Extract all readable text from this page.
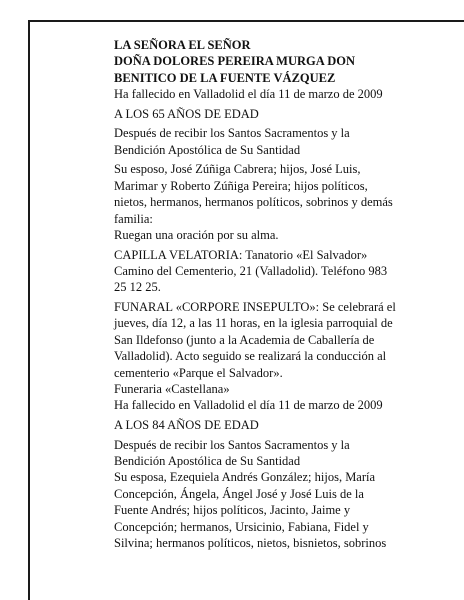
LA SEÑORA EL SEÑOR
DOÑA DOLORES PEREIRA MURGA DON
BENITICO DE LA FUENTE VÁZQUEZ
Ha fallecido en Valladolid el día 11 de marzo de 2009
A LOS 65 AÑOS DE EDAD
Después de recibir los Santos Sacramentos y la
Bendición Apostólica de Su Santidad
Su esposo, José Zúñiga Cabrera; hijos, José Luis,
Marimar y Roberto Zúñiga Pereira; hijos políticos,
nietos, hermanos, hermanos políticos, sobrinos y demás
familia:
Ruegan una oración por su alma.
CAPILLA VELATORIA: Tanatorio «El Salvador»
Camino del Cementerio, 21 (Valladolid). Teléfono 983
25 12 25.
FUNARAL «CORPORE INSEPULTO»: Se celebrará el
jueves, día 12, a las 11 horas, en la iglesia parroquial de
San Ildefonso (junto a la Academia de Caballería de
Valladolid). Acto seguido se realizará la conducción al
cementerio «Parque el Salvador».
Funeraria «Castellana»
Ha fallecido en Valladolid el día 11 de marzo de 2009
A LOS 84 AÑOS DE EDAD
Después de recibir los Santos Sacramentos y la
Bendición Apostólica de Su Santidad
Su esposa, Ezequiela Andrés González; hijos, María
Concepción, Ángela, Ángel José y José Luis de la
Fuente Andrés; hijos políticos, Jacinto, Jaime y
Concepción; hermanos, Ursicinio, Fabiana, Fidel y
Silvina; hermanos políticos, nietos, bisnietos, sobrinos
